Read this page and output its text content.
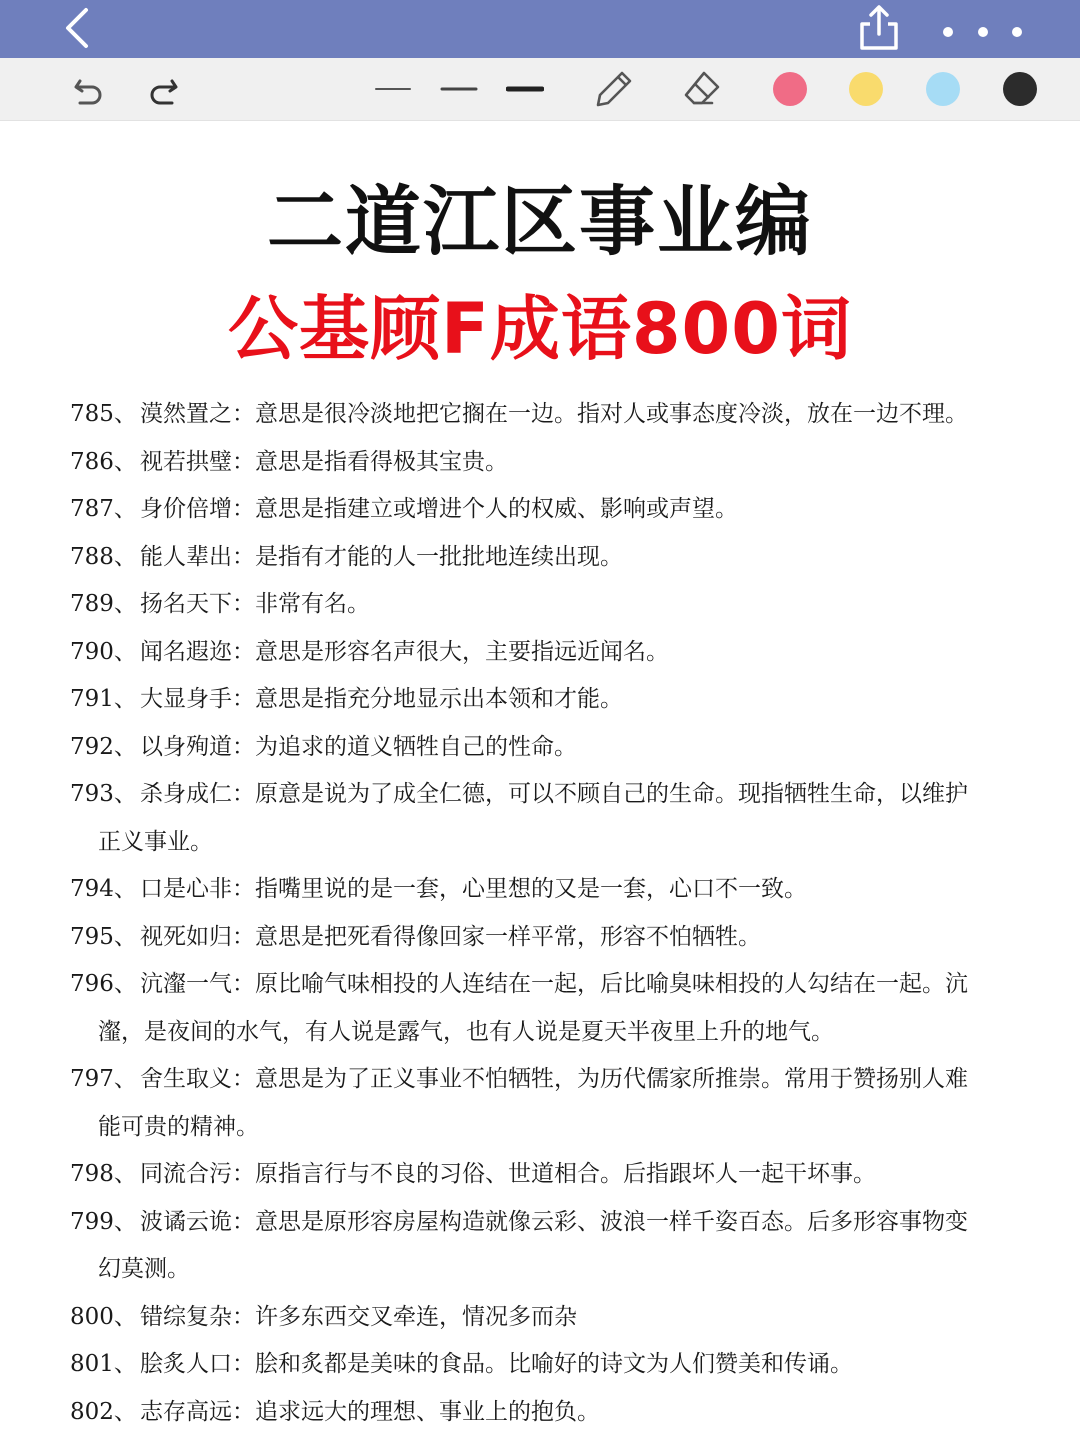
二道江区事业编
公基顾F成语800词
785、 漠然置之：意思是很冷淡地把它搁在一边。指对人或事态度冷淡，放在一边不理。
786、 视若拱璧：意思是指看得极其宝贵。
787、 身价倍增：意思是指建立或增进个人的权威、影响或声望。
788、 能人辈出：是指有才能的人一批批地连续出现。
789、 扬名天下：非常有名。
790、 闻名遐迩：意思是形容名声很大，主要指远近闻名。
791、 大显身手：意思是指充分地显示出本领和才能。
792、 以身殉道：为追求的道义牺牲自己的性命。
793、 杀身成仁：原意是说为了成全仁德，可以不顾自己的生命。现指牺牲生命，以维护
正义事业。
794、 口是心非：指嘴里说的是一套，心里想的又是一套，心口不一致。
795、 视死如归：意思是把死看得像回家一样平常，形容不怕牺牲。
796、 沆瀣一气：原比喻气味相投的人连结在一起，后比喻臭味相投的人勾结在一起。沆
瀣，是夜间的水气，有人说是露气，也有人说是夏天半夜里上升的地气。
797、 舍生取义：意思是为了正义事业不怕牺牲，为历代儒家所推崇。常用于赞扬别人难
能可贵的精神。
798、 同流合污：原指言行与不良的习俗、世道相合。后指跟坏人一起干坏事。
799、 波谲云诡：意思是原形容房屋构造就像云彩、波浪一样千姿百态。后多形容事物变
幻莫测。
800、 错综复杂：许多东西交叉牵连，情况多而杂
801、 脍炙人口：脍和炙都是美味的食品。比喻好的诗文为人们赞美和传诵。
802、 志存高远：追求远大的理想、事业上的抱负。
